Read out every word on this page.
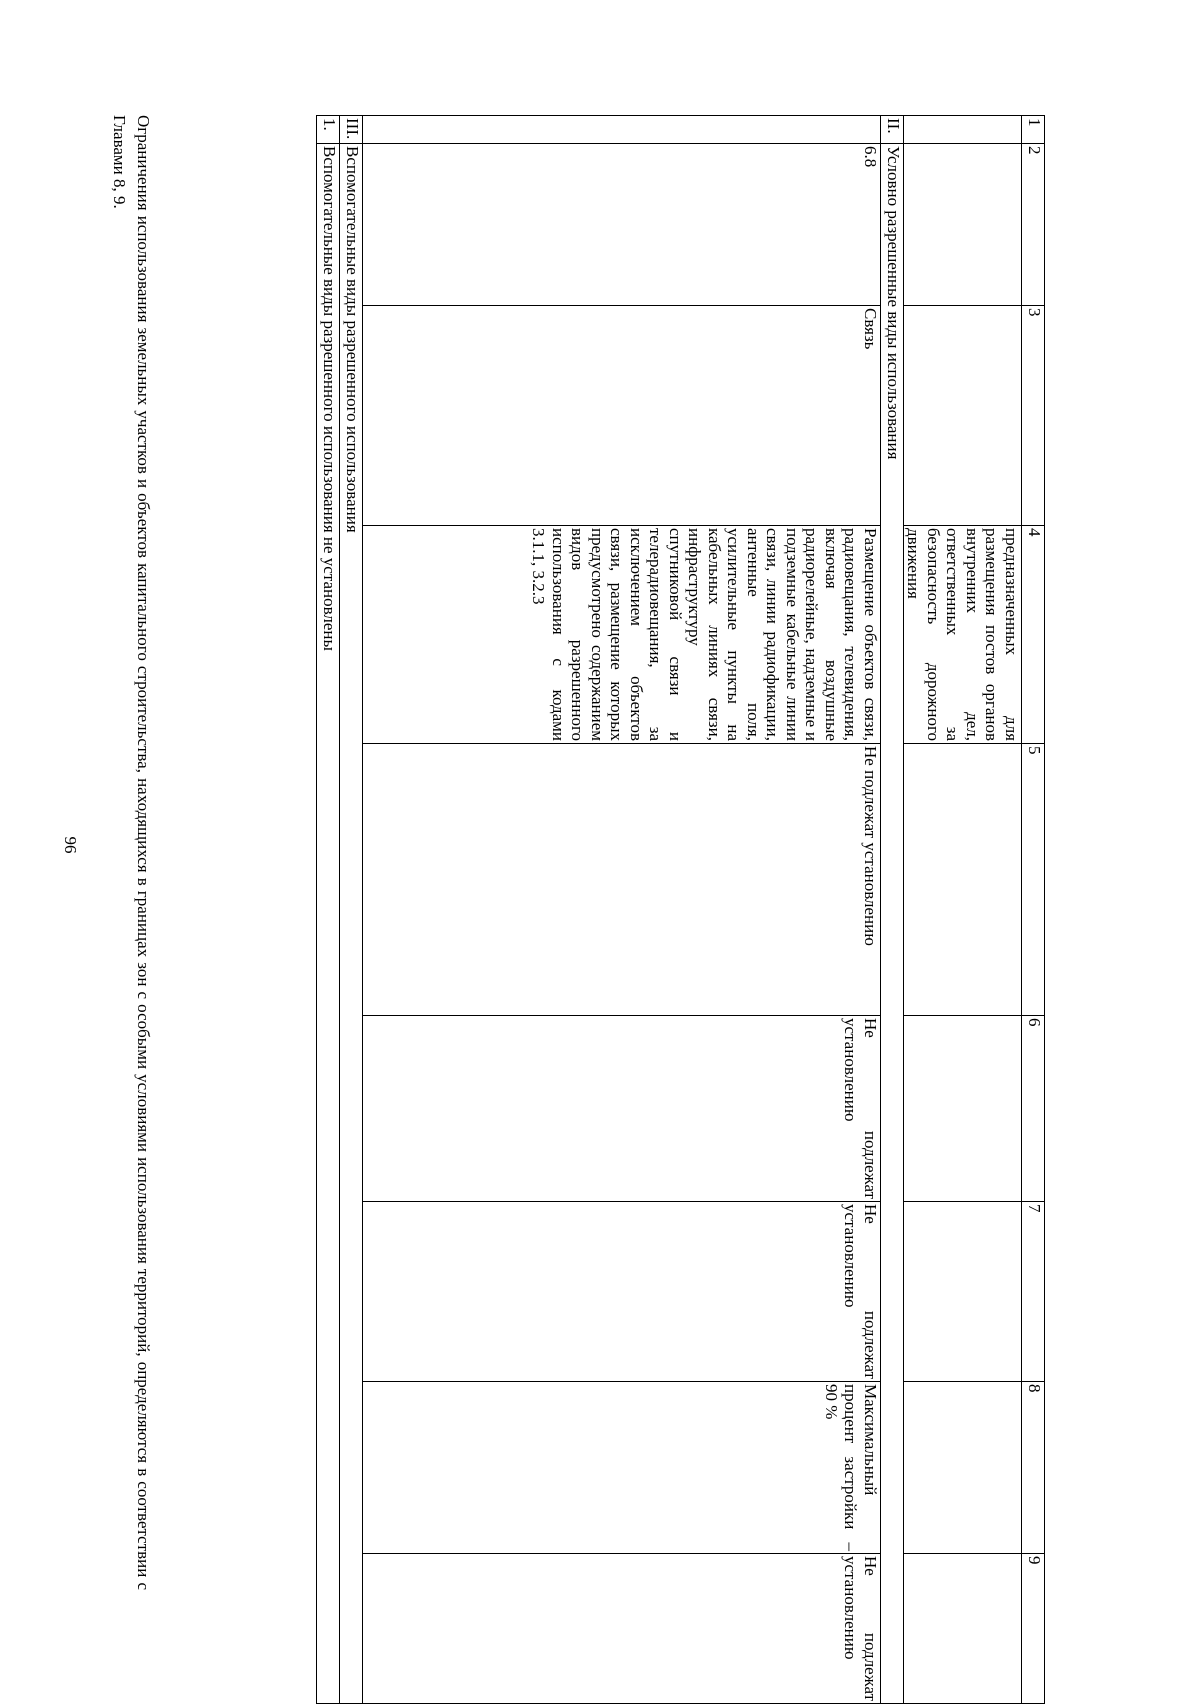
96
1	2	3	4	5	6	7	8	9
			предназначенных для размещения постов органов внутренних дел, ответственных за безопасность дорожного движения					
II.	Условно разрешенные виды использования							
	6.8	Связь	Размещение объектов связи, радиовещания, телевидения, включая воздушные радиорелейные, надземные и подземные кабельные линии связи, линии радиофикации, антенные поля, усилительные пункты на кабельных линиях связи, инфраструктуру спутниковой связи и телерадиовещания, за исключением объектов связи, размещение которых предусмотрено содержанием видов разрешенного использования с кодами 3.1.1, 3.2.3	Не подлежат установлению	Не подлежат установлению	Не подлежат установлению	Максимальный процент застройки – 90 %	Не подлежат установлению
III.	Вспомогательные виды разрешенного использования							
1.	Вспомогательные виды разрешенного использования не установлены							
Ограничения использования земельных участков и объектов капитального строительства, находящихся в границах зон с особыми условиями использования территорий, определяются в соответствии с Главами 8, 9.
